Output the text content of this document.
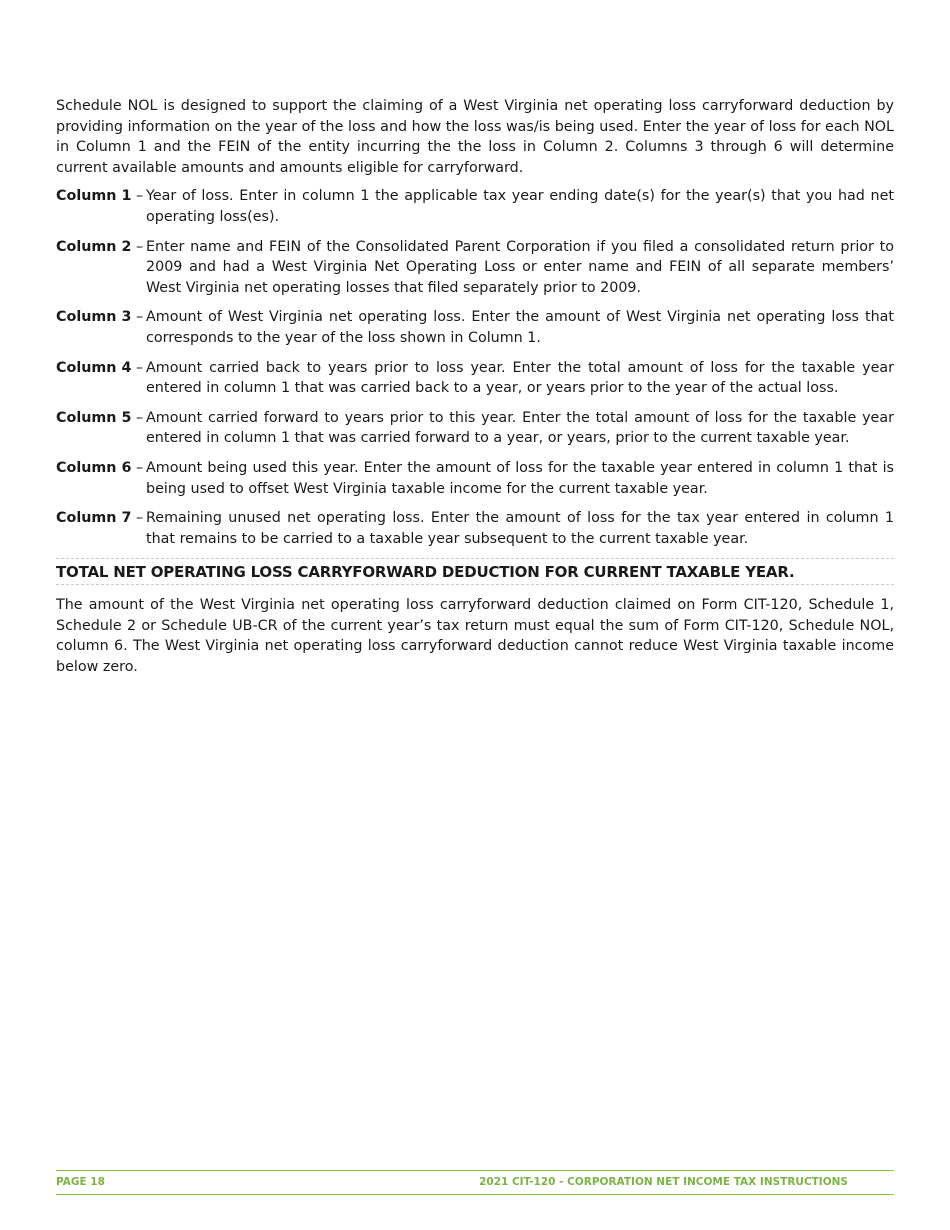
Schedule NOL is designed to support the claiming of a West Virginia net operating loss carryforward deduction by providing information on the year of the loss and how the loss was/is being used. Enter the year of loss for each NOL in Column 1 and the FEIN of the entity incurring the the loss in Column 2. Columns 3 through 6 will determine current available amounts and amounts eligible for carryforward.

Column 1 – Year of loss. Enter in column 1 the applicable tax year ending date(s) for the year(s) that you had net operating loss(es).
Column 2 – Enter name and FEIN of the Consolidated Parent Corporation if you filed a consolidated return prior to 2009 and had a West Virginia Net Operating Loss or enter name and FEIN of all separate members’ West Virginia net operating losses that filed separately prior to 2009.
Column 3 – Amount of West Virginia net operating loss. Enter the amount of West Virginia net operating loss that corresponds to the year of the loss shown in Column 1.
Column 4 – Amount carried back to years prior to loss year. Enter the total amount of loss for the taxable year entered in column 1 that was carried back to a year, or years prior to the year of the actual loss.
Column 5 – Amount carried forward to years prior to this year. Enter the total amount of loss for the taxable year entered in column 1 that was carried forward to a year, or years, prior to the current taxable year.
Column 6 – Amount being used this year. Enter the amount of loss for the taxable year entered in column 1 that is being used to offset West Virginia taxable income for the current taxable year.
Column 7 – Remaining unused net operating loss. Enter the amount of loss for the tax year entered in column 1 that remains to be carried to a taxable year subsequent to the current taxable year.
TOTAL NET OPERATING LOSS CARRYFORWARD DEDUCTION FOR CURRENT TAXABLE YEAR.

The amount of the West Virginia net operating loss carryforward deduction claimed on Form CIT-120, Schedule 1, Schedule 2 or Schedule UB-CR of the current year’s tax return must equal the sum of Form CIT-120, Schedule NOL, column 6. The West Virginia net operating loss carryforward deduction cannot reduce West Virginia taxable income below zero.

PAGE 18	2021 CIT-120 - CORPORATION NET INCOME TAX INSTRUCTIONS
